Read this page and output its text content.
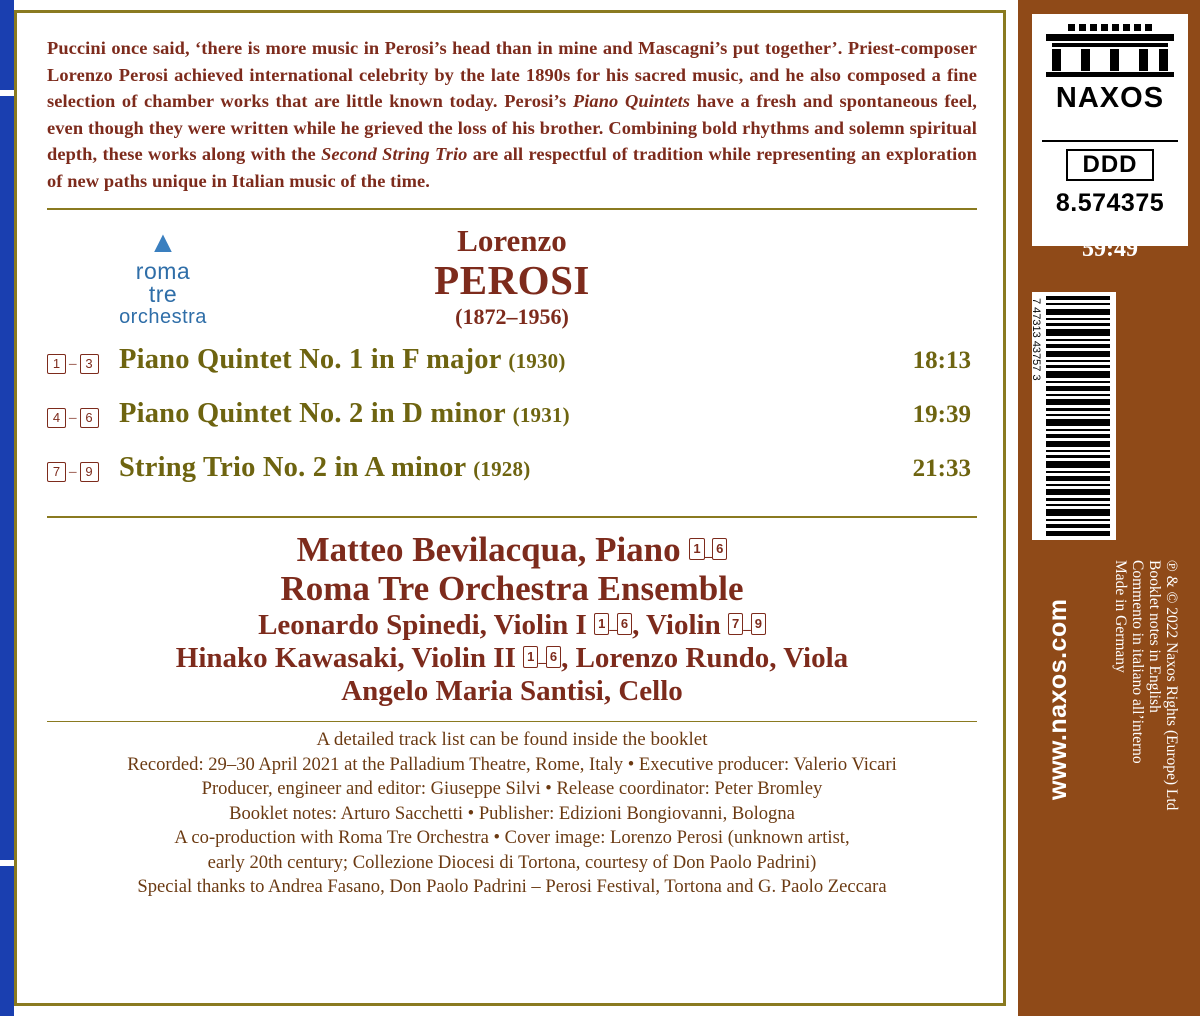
Puccini once said, ‘there is more music in Perosi’s head than in mine and Mascagni’s put together’. Priest-composer Lorenzo Perosi achieved international celebrity by the late 1890s for his sacred music, and he also composed a fine selection of chamber works that are little known today. Perosi’s Piano Quintets have a fresh and spontaneous feel, even though they were written while he grieved the loss of his brother. Combining bold rhythms and solemn spiritual depth, these works along with the Second String Trio are all respectful of tradition while representing an exploration of new paths unique in Italian music of the time.
▲
roma
tre
orchestra
Lorenzo
PEROSI
(1872–1956)
1 – 3 Piano Quintet No. 1 in F major (1930)	18:13
4 – 6 Piano Quintet No. 2 in D minor (1931)	19:39
7 – 9 String Trio No. 2 in A minor (1928)	21:33
Matteo Bevilacqua, Piano 1–6
Roma Tre Orchestra Ensemble
Leonardo Spinedi, Violin I 1 – 6 , Violin 7 – 9
Hinako Kawasaki, Violin II 1 – 6 , Lorenzo Rundo, Viola
Angelo Maria Santisi, Cello
A detailed track list can be found inside the booklet
Recorded: 29–30 April 2021 at the Palladium Theatre, Rome, Italy • Executive producer: Valerio Vicari
Producer, engineer and editor: Giuseppe Silvi • Release coordinator: Peter Bromley
Booklet notes: Arturo Sacchetti • Publisher: Edizioni Bongiovanni, Bologna
A co-production with Roma Tre Orchestra • Cover image: Lorenzo Perosi (unknown artist,
early 20th century; Collezione Diocesi di Tortona, courtesy of Don Paolo Padrini)
Special thanks to Andrea Fasano, Don Paolo Padrini – Perosi Festival, Tortona and G. Paolo Zeccara
NAXOS
DDD
8.574375
Playing Time
59:49
7 47313 43757 3
www.naxos.com	℗ & © 2022 Naxos Rights (Europe) Ltd
Booklet notes in English
Commento in italiano all’interno
Made in Germany
